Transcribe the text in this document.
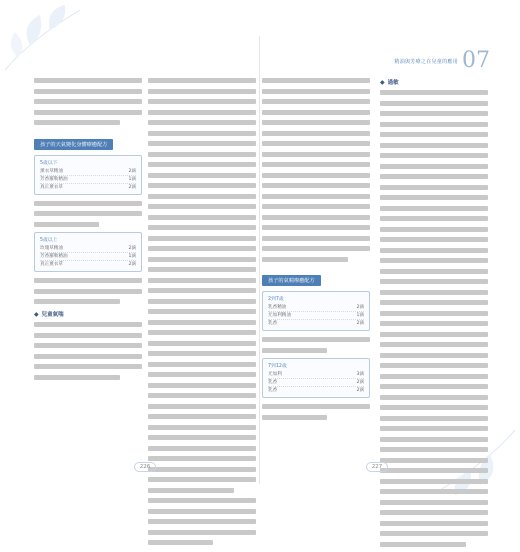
孩子的天氣變化身體療癒配方
5歲以下
薰衣草精油	2滴
芳香羅勒精油	1滴
真正薰衣草	2滴
5歲以上
玫瑰草精油	2滴
芳香羅勒精油	1滴
真正薰衣草	2滴
◆ 兒童氣喘
226
精油與芳療之在兒童的應用 07
孩子的氣喘療癒配方
2到7歲
乳香精油	2滴
尤加利精油	1滴
乳香	2滴
7到12歲
尤加利	3滴
乳香	2滴
乳香	2滴
◆ 過敏
227
